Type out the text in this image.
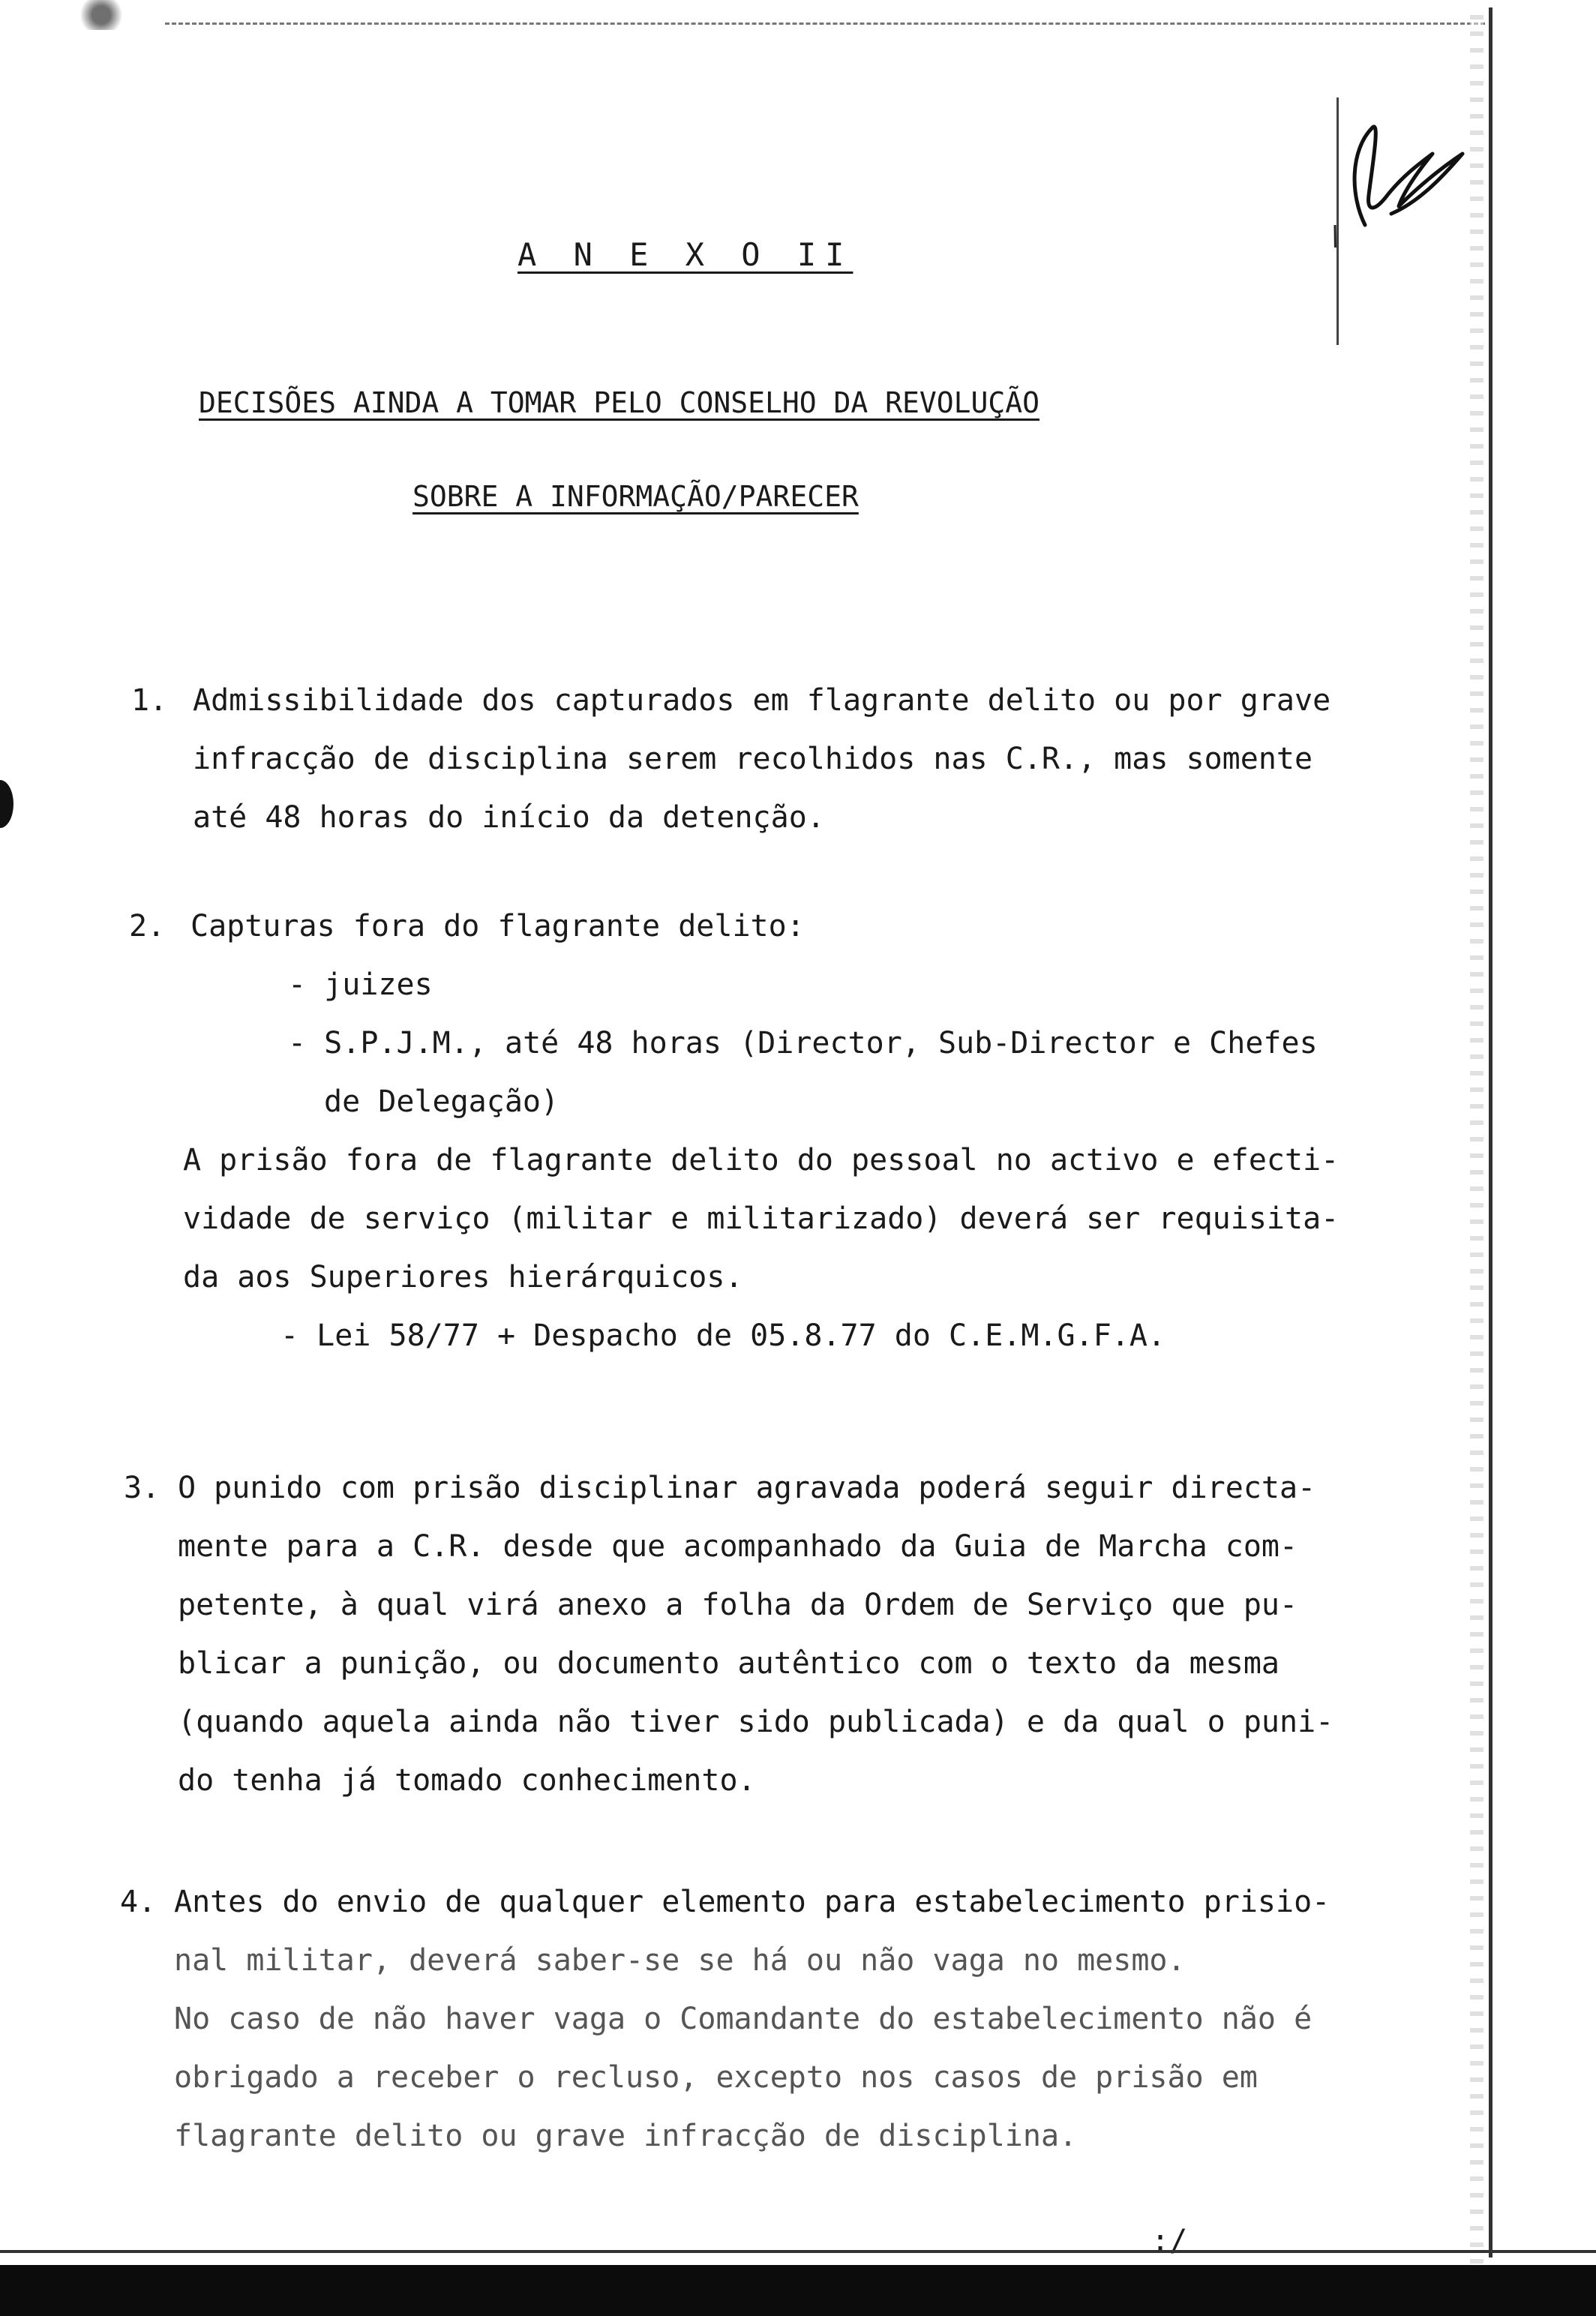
A N E X O II
DECISÕES AINDA A TOMAR PELO CONSELHO DA REVOLUÇÃO
SOBRE A INFORMAÇÃO/PARECER
1. Admissibilidade dos capturados em flagrante delito ou por grave
infracção de disciplina serem recolhidos nas C.R., mas somente
até 48 horas do início da detenção.
2. Capturas fora do flagrante delito:
- juizes
- S.P.J.M., até 48 horas (Director, Sub-Director e Chefes
de Delegação)
A prisão fora de flagrante delito do pessoal no activo e efecti-
vidade de serviço (militar e militarizado) deverá ser requisita-
da aos Superiores hierárquicos.
- Lei 58/77 + Despacho de 05.8.77 do C.E.M.G.F.A.
3. O punido com prisão disciplinar agravada poderá seguir directa-
mente para a C.R. desde que acompanhado da Guia de Marcha com-
petente, à qual virá anexo a folha da Ordem de Serviço que pu-
blicar a punição, ou documento autêntico com o texto da mesma
(quando aquela ainda não tiver sido publicada) e da qual o puni-
do tenha já tomado conhecimento.
4. Antes do envio de qualquer elemento para estabelecimento prisio-
nal militar, deverá saber-se se há ou não vaga no mesmo.
No caso de não haver vaga o Comandante do estabelecimento não é
obrigado a receber o recluso, excepto nos casos de prisão em
flagrante delito ou grave infracção de disciplina.
:/
